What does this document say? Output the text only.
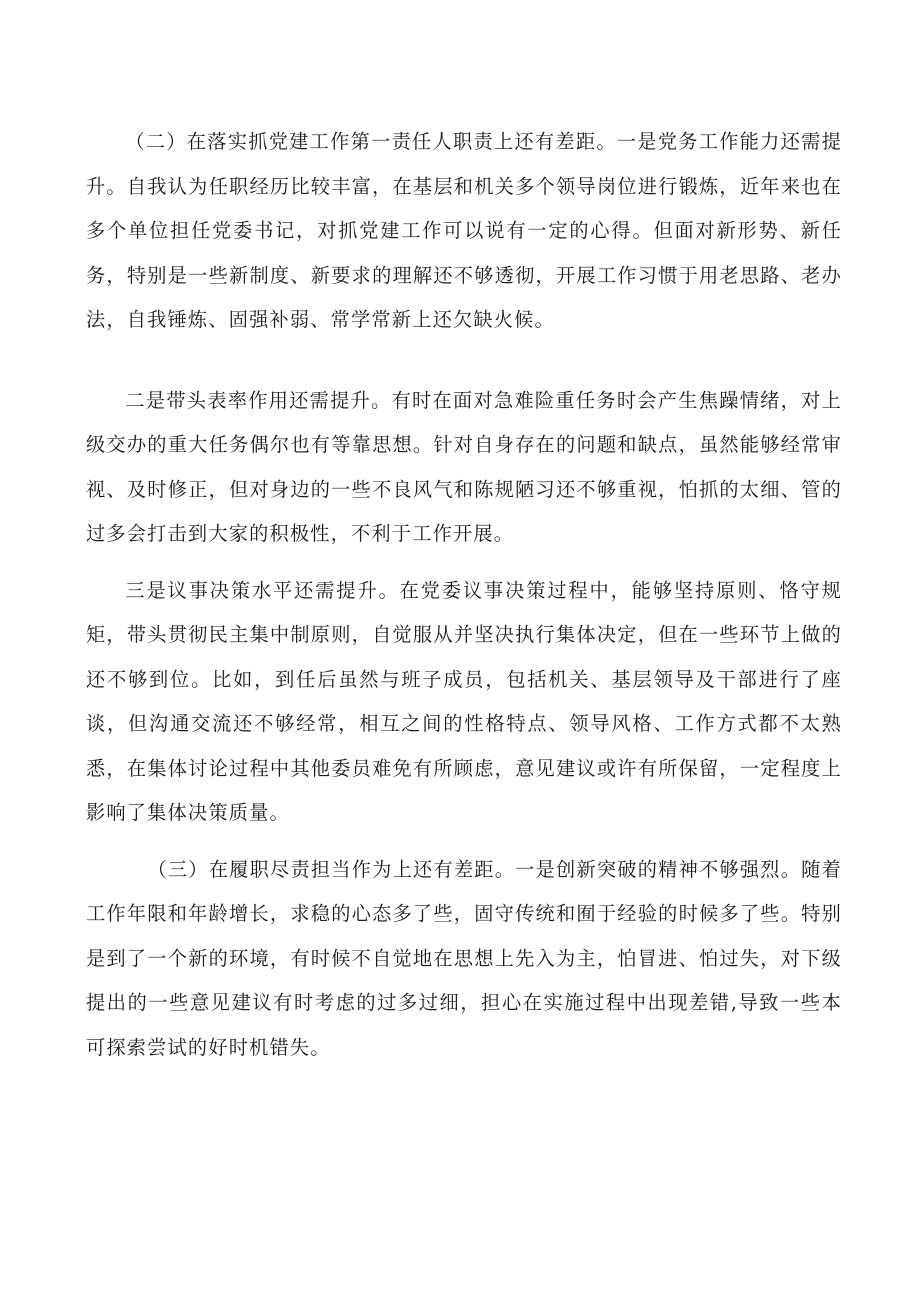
（二）在落实抓党建工作第一责任人职责上还有差距。一是党务工作能力还需提升。自我认为任职经历比较丰富，在基层和机关多个领导岗位进行锻炼，近年来也在多个单位担任党委书记，对抓党建工作可以说有一定的心得。但面对新形势、新任务，特别是一些新制度、新要求的理解还不够透彻，开展工作习惯于用老思路、老办法，自我锤炼、固强补弱、常学常新上还欠缺火候。

二是带头表率作用还需提升。有时在面对急难险重任务时会产生焦躁情绪，对上级交办的重大任务偶尔也有等靠思想。针对自身存在的问题和缺点，虽然能够经常审视、及时修正，但对身边的一些不良风气和陈规陋习还不够重视，怕抓的太细、管的过多会打击到大家的积极性，不利于工作开展。

三是议事决策水平还需提升。在党委议事决策过程中，能够坚持原则、恪守规矩，带头贯彻民主集中制原则，自觉服从并坚决执行集体决定，但在一些环节上做的还不够到位。比如，到任后虽然与班子成员，包括机关、基层领导及干部进行了座谈，但沟通交流还不够经常，相互之间的性格特点、领导风格、工作方式都不太熟悉，在集体讨论过程中其他委员难免有所顾虑，意见建议或许有所保留，一定程度上影响了集体决策质量。

（三）在履职尽责担当作为上还有差距。一是创新突破的精神不够强烈。随着工作年限和年龄增长，求稳的心态多了些，固守传统和囿于经验的时候多了些。特别是到了一个新的环境，有时候不自觉地在思想上先入为主，怕冒进、怕过失，对下级提出的一些意见建议有时考虑的过多过细，担心在实施过程中出现差错,导致一些本可探索尝试的好时机错失。
